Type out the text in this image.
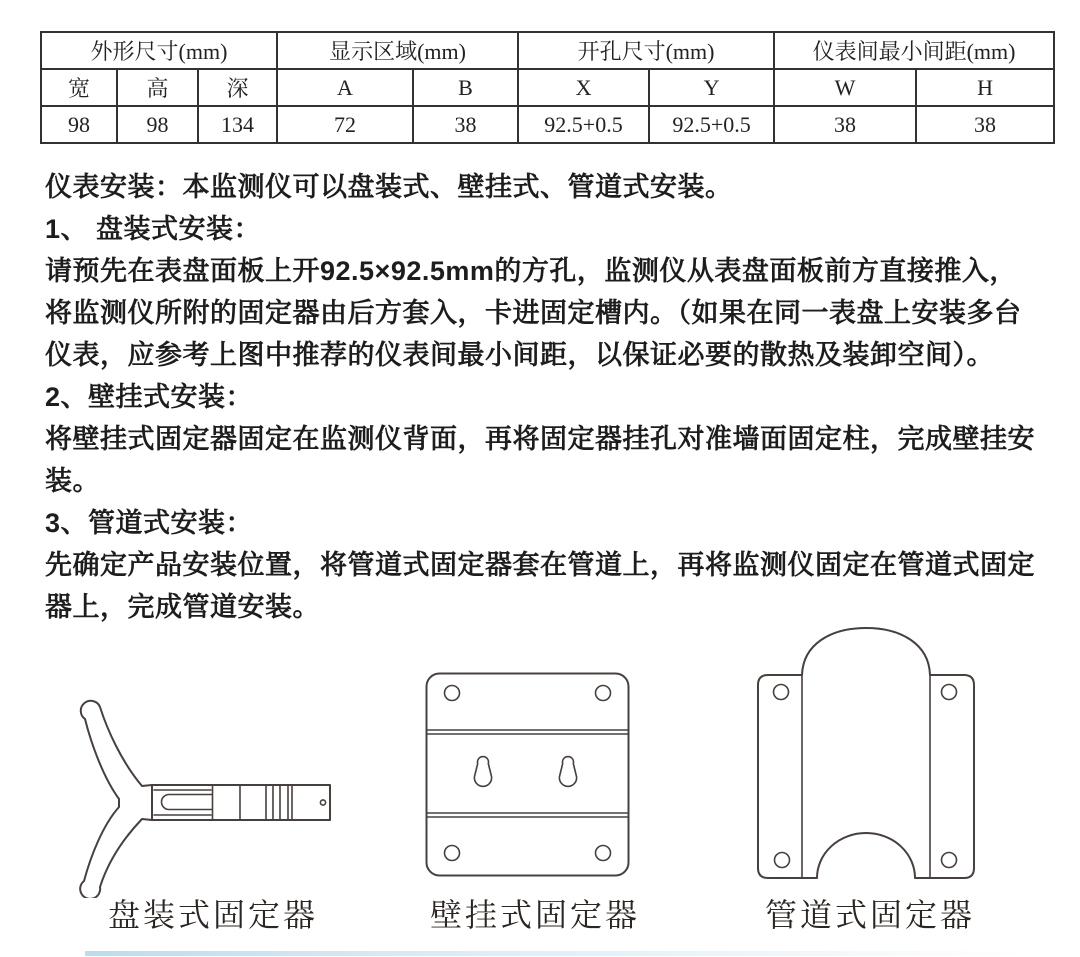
外形尺寸(mm)			显示区域(mm)		开孔尺寸(mm)		仪表间最小间距(mm)	
宽	高	深	A	B	X	Y	W	H
98	98	134	72	38	92.5+0.5	92.5+0.5	38	38
仪表安装：本监测仪可以盘装式、壁挂式、管道式安装。
1、 盘装式安装：
请预先在表盘面板上开92.5×92.5mm的方孔，监测仪从表盘面板前方直接推入，
将监测仪所附的固定器由后方套入，卡进固定槽内。（如果在同一表盘上安装多台
仪表，应参考上图中推荐的仪表间最小间距，以保证必要的散热及装卸空间）。
2、壁挂式安装：
将壁挂式固定器固定在监测仪背面，再将固定器挂孔对准墙面固定柱，完成壁挂安
装。
3、管道式安装：
先确定产品安装位置，将管道式固定器套在管道上，再将监测仪固定在管道式固定
器上，完成管道安装。
盘装式固定器	壁挂式固定器	管道式固定器
